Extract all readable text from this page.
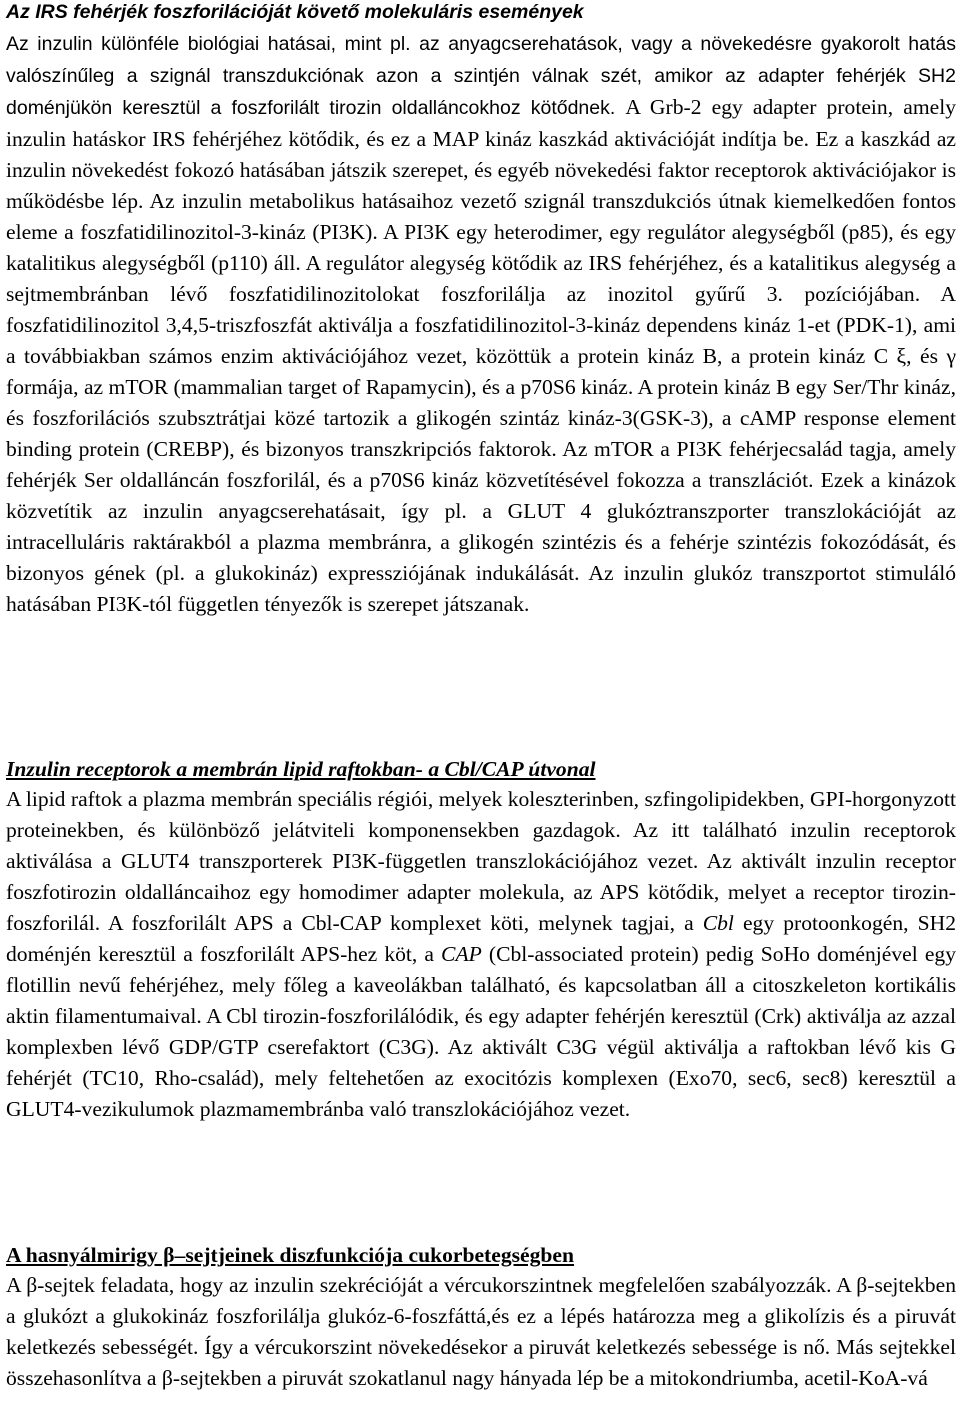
Az IRS fehérjék foszforilációját követő molekuláris események

Az inzulin különféle biológiai hatásai, mint pl. az anyagcserehatások, vagy a növekedésre gyakorolt hatás valószínűleg a szignál transzdukciónak azon a szintjén válnak szét, amikor az adapter fehérjék SH2 doménjükön keresztül a foszforilált tirozin oldalláncokhoz kötődnek. A Grb-2 egy adapter protein, amely inzulin hatáskor IRS fehérjéhez kötődik, és ez a MAP kináz kaszkád aktivációját indítja be. Ez a kaszkád az inzulin növekedést fokozó hatásában játszik szerepet, és egyéb növekedési faktor receptorok aktivációjakor is működésbe lép. Az inzulin metabolikus hatásaihoz vezető szignál transzdukciós útnak kiemelkedően fontos eleme a foszfatidilinozitol-3-kináz (PI3K). A PI3K egy heterodimer, egy regulátor alegységből (p85), és egy katalitikus alegységből (p110) áll. A regulátor alegység kötődik az IRS fehérjéhez, és a katalitikus alegység a sejtmembránban lévő foszfatidilinozitolokat foszforilálja az inozitol gyűrű 3. pozíciójában. A foszfatidilinozitol 3,4,5-triszfoszfát aktiválja a foszfatidilinozitol-3-kináz dependens kináz 1-et (PDK-1), ami a továbbiakban számos enzim aktivációjához vezet, közöttük a protein kináz B, a protein kináz C ξ, és γ formája, az mTOR (mammalian target of Rapamycin), és a p70S6 kináz. A protein kináz B egy Ser/Thr kináz, és foszforilációs szubsztrátjai közé tartozik a glikogén szintáz kináz-3(GSK-3), a cAMP response element binding protein (CREBP), és bizonyos transzkripciós faktorok. Az mTOR a PI3K fehérjecsalád tagja, amely fehérjék Ser oldalláncán foszforilál, és a p70S6 kináz közvetítésével fokozza a transzlációt. Ezek a kinázok közvetítik az inzulin anyagcserehatásait, így pl. a GLUT 4 glukóztranszporter transzlokációját az intracelluláris raktárakból a plazma membránra, a glikogén szintézis és a fehérje szintézis fokozódását, és bizonyos gének (pl. a glukokináz) expressziójának indukálását. Az inzulin glukóz transzportot stimuláló hatásában PI3K-tól független tényezők is szerepet játszanak.

Inzulin receptorok a membrán lipid raftokban- a Cbl/CAP útvonal

A lipid raftok a plazma membrán speciális régiói, melyek koleszterinben, szfingolipidekben, GPI-horgonyzott proteinekben, és különböző jelátviteli komponensekben gazdagok. Az itt található inzulin receptorok aktiválása a GLUT4 transzporterek PI3K-független transzlokációjához vezet. Az aktivált inzulin receptor foszfotirozin oldalláncaihoz egy homodimer adapter molekula, az APS kötődik, melyet a receptor tirozin-foszforilál. A foszforilált APS a Cbl-CAP komplexet köti, melynek tagjai, a Cbl egy protoonkogén, SH2 doménjén keresztül a foszforilált APS-hez köt, a CAP (Cbl-associated protein) pedig SoHo doménjével egy flotillin nevű fehérjéhez, mely főleg a kaveolákban található, és kapcsolatban áll a citoszkeleton kortikális aktin filamentumaival. A Cbl tirozin-foszforilálódik, és egy adapter fehérjén keresztül (Crk) aktiválja az azzal komplexben lévő GDP/GTP cserefaktort (C3G). Az aktivált C3G végül aktiválja a raftokban lévő kis G fehérjét (TC10, Rho-család), mely feltehetően az exocitózis komplexen (Exo70, sec6, sec8) keresztül a GLUT4-vezikulumok plazmamembránba való transzlokációjához vezet.

A hasnyálmirigy β–sejtjeinek diszfunkciója cukorbetegségben

A β-sejtek feladata, hogy az inzulin szekrécióját a vércukorszintnek megfelelően szabályozzák. A β-sejtekben a glukózt a glukokináz foszforilálja glukóz-6-foszfáttá,és ez a lépés határozza meg a glikolízis és a piruvát keletkezés sebességét. Így a vércukorszint növekedésekor a piruvát keletkezés sebessége is nő. Más sejtekkel összehasonlítva a β-sejtekben a piruvát szokatlanul nagy hányada lép be a mitokondriumba, acetil-KoA-vá
